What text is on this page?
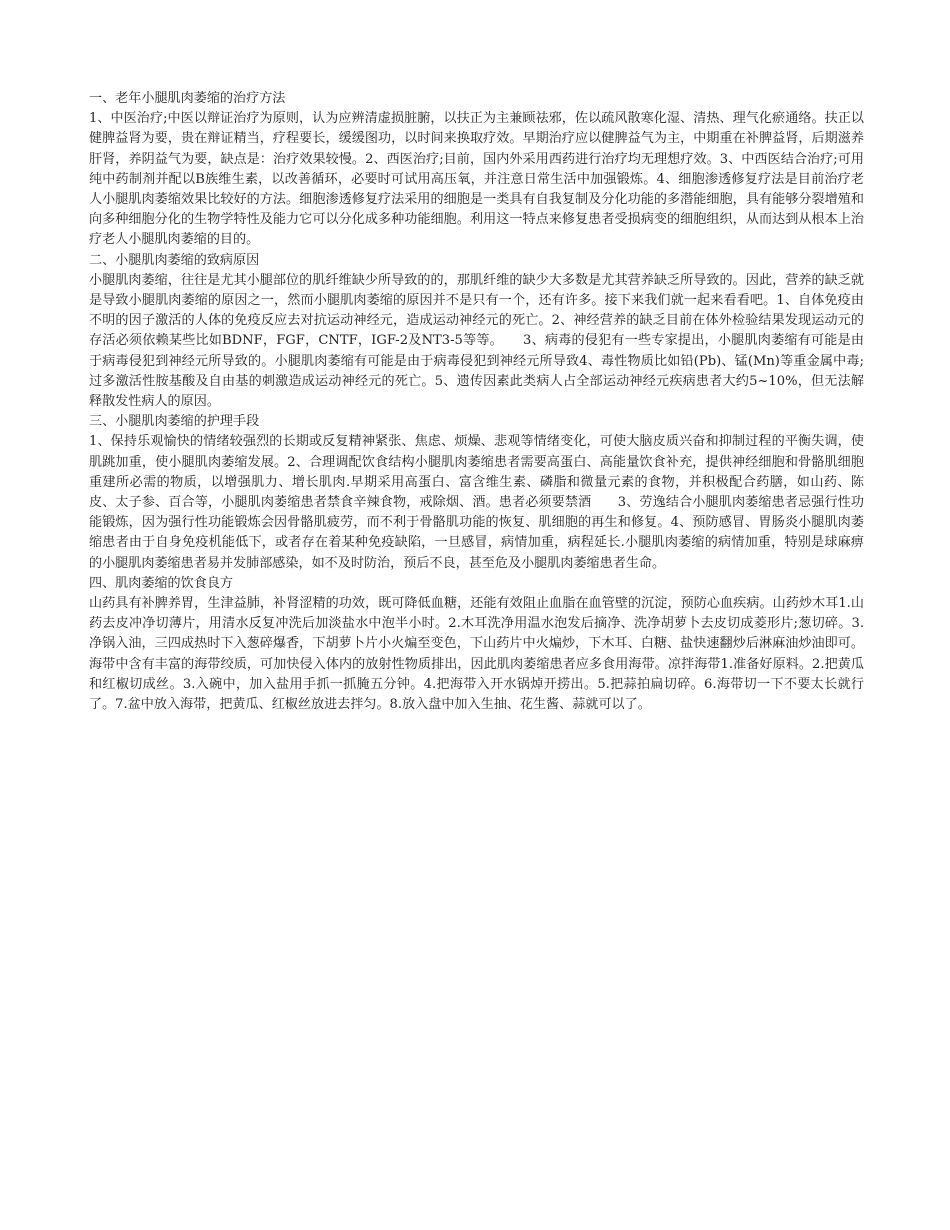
一、老年小腿肌肉萎缩的治疗方法

1、中医治疗;中医以辩证治疗为原则，认为应辨清虚损脏腑，以扶正为主兼顾祛邪，佐以疏风散寒化湿、清热、理气化瘀通络。扶正以健脾益肾为要，贵在辩证精当，疗程要长，缓缓图功，以时间来换取疗效。早期治疗应以健脾益气为主，中期重在补脾益肾，后期滋养肝肾，养阴益气为要，缺点是：治疗效果较慢。2、西医治疗;目前，国内外采用西药进行治疗均无理想疗效。3、中西医结合治疗;可用纯中药制剂并配以B族维生素，以改善循环，必要时可试用高压氧，并注意日常生活中加强锻炼。4、细胞渗透修复疗法是目前治疗老人小腿肌肉萎缩效果比较好的方法。细胞渗透修复疗法采用的细胞是一类具有自我复制及分化功能的多潜能细胞，具有能够分裂增殖和向多种细胞分化的生物学特性及能力它可以分化成多种功能细胞。利用这一特点来修复患者受损病变的细胞组织，从而达到从根本上治疗老人小腿肌肉萎缩的目的。

二、小腿肌肉萎缩的致病原因

小腿肌肉萎缩，往往是尤其小腿部位的肌纤维缺少所导致的的，那肌纤维的缺少大多数是尤其营养缺乏所导致的。因此，营养的缺乏就是导致小腿肌肉萎缩的原因之一，然而小腿肌肉萎缩的原因并不是只有一个，还有许多。接下来我们就一起来看看吧。1、自体免疫由不明的因子激活的人体的免疫反应去对抗运动神经元，造成运动神经元的死亡。2、神经营养的缺乏目前在体外检验结果发现运动元的存活必须依赖某些比如BDNF，FGF，CNTF，IGF-2及NT3-5等等。　　3、病毒的侵犯有一些专家提出，小腿肌肉萎缩有可能是由于病毒侵犯到神经元所导致的。小腿肌肉萎缩有可能是由于病毒侵犯到神经元所导致4、毒性物质比如铅(Pb)、锰(Mn)等重金属中毒;过多激活性胺基酸及自由基的刺激造成运动神经元的死亡。5、遗传因素此类病人占全部运动神经元疾病患者大约5~10%，但无法解释散发性病人的原因。

三、小腿肌肉萎缩的护理手段

1、保持乐观愉快的情绪较强烈的长期或反复精神紧张、焦虑、烦燥、悲观等情绪变化，可使大脑皮质兴奋和抑制过程的平衡失调，使肌跳加重，使小腿肌肉萎缩发展。2、合理调配饮食结构小腿肌肉萎缩患者需要高蛋白、高能量饮食补充，提供神经细胞和骨骼肌细胞重建所必需的物质，以增强肌力、增长肌肉.早期采用高蛋白、富含维生素、磷脂和微量元素的食物，并积极配合药膳，如山药、陈皮、太子参、百合等，小腿肌肉萎缩患者禁食辛辣食物，戒除烟、酒。患者必须要禁酒　　3、劳逸结合小腿肌肉萎缩患者忌强行性功能锻炼，因为强行性功能锻炼会因骨骼肌疲劳，而不利于骨骼肌功能的恢复、肌细胞的再生和修复。4、预防感冒、胃肠炎小腿肌肉萎缩患者由于自身免疫机能低下，或者存在着某种免疫缺陷，一旦感冒，病情加重，病程延长.小腿肌肉萎缩的病情加重，特别是球麻痹的小腿肌肉萎缩患者易并发肺部感染，如不及时防治，预后不良，甚至危及小腿肌肉萎缩患者生命。

四、肌肉萎缩的饮食良方

山药具有补脾养胃，生津益肺，补肾涩精的功效，既可降低血糖，还能有效阻止血脂在血管壁的沉淀，预防心血疾病。山药炒木耳1.山药去皮冲净切薄片，用清水反复冲洗后加淡盐水中泡半小时。2.木耳洗净用温水泡发后摘净、洗净胡萝卜去皮切成菱形片;葱切碎。3.净锅入油，三四成热时下入葱碎爆香，下胡萝卜片小火煸至变色，下山药片中火煸炒，下木耳、白糖、盐快速翻炒后淋麻油炒油即可。海带中含有丰富的海带绞质，可加快侵入体内的放射性物质排出，因此肌肉萎缩患者应多食用海带。凉拌海带1.准备好原料。2.把黄瓜和红椒切成丝。3.入碗中，加入盐用手抓一抓腌五分钟。4.把海带入开水锅焯开捞出。5.把蒜拍扁切碎。6.海带切一下不要太长就行了。7.盆中放入海带，把黄瓜、红椒丝放进去拌匀。8.放入盘中加入生抽、花生酱、蒜就可以了。
